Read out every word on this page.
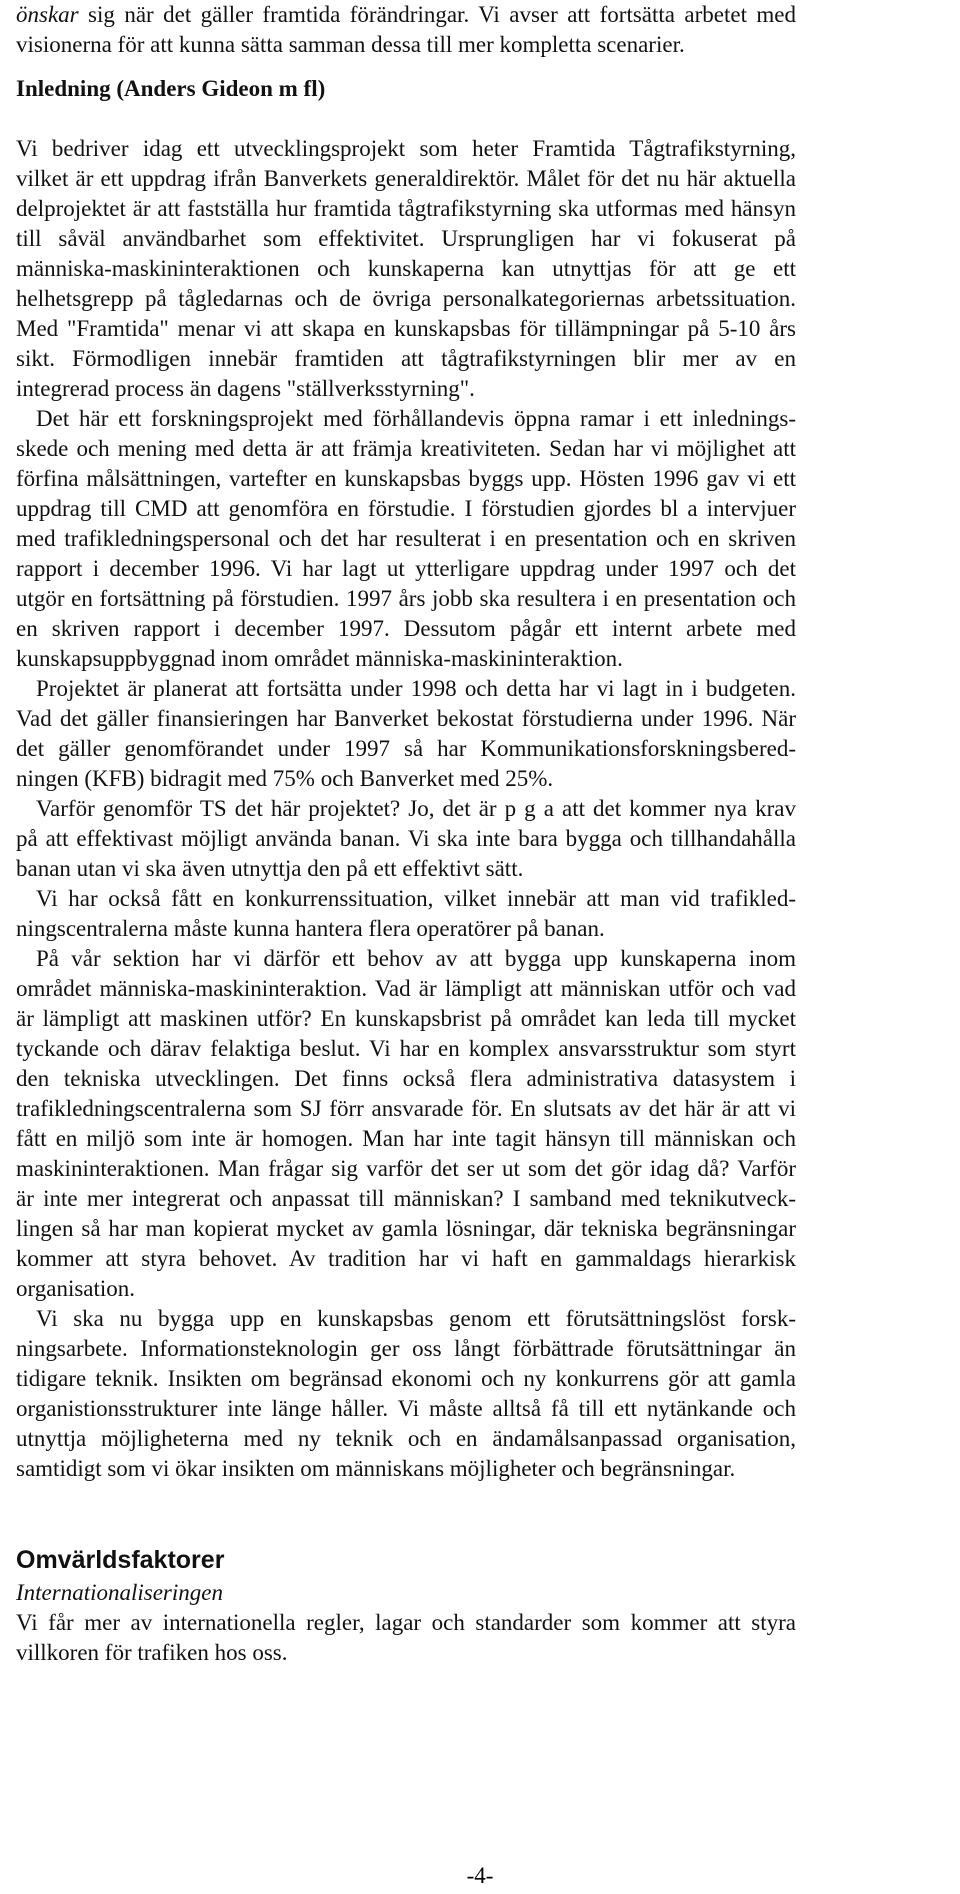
önskar sig när det gäller framtida förändringar. Vi avser att fortsätta arbetet med
visionerna för att kunna sätta samman dessa till mer kompletta scenarier.
Inledning (Anders Gideon m fl)
Vi bedriver idag ett utvecklingsprojekt som heter Framtida Tågtrafikstyrning,
vilket är ett uppdrag ifrån Banverkets generaldirektör. Målet för det nu här aktuella
delprojektet är att fastställa hur framtida tågtrafikstyrning ska utformas med hänsyn
till såväl användbarhet som effektivitet. Ursprungligen har vi fokuserat på
människa-maskininteraktionen och kunskaperna kan utnyttjas för att ge ett
helhetsgrepp på tågledarnas och de övriga personalkategoriernas arbetssituation.
Med "Framtida" menar vi att skapa en kunskapsbas för tillämpningar på 5-10 års
sikt. Förmodligen innebär framtiden att tågtrafikstyrningen blir mer av en
integrerad process än dagens "ställverksstyrning".
Det här ett forskningsprojekt med förhållandevis öppna ramar i ett inlednings-
skede och mening med detta är att främja kreativiteten. Sedan har vi möjlighet att
förfina målsättningen, vartefter en kunskapsbas byggs upp. Hösten 1996 gav vi ett
uppdrag till CMD att genomföra en förstudie. I förstudien gjordes bl a intervjuer
med trafikledningspersonal och det har resulterat i en presentation och en skriven
rapport i december 1996. Vi har lagt ut ytterligare uppdrag under 1997 och det
utgör en fortsättning på förstudien. 1997 års jobb ska resultera i en presentation och
en skriven rapport i december 1997. Dessutom pågår ett internt arbete med
kunskapsuppbyggnad inom området människa-maskininteraktion.
Projektet är planerat att fortsätta under 1998 och detta har vi lagt in i budgeten.
Vad det gäller finansieringen har Banverket bekostat förstudierna under 1996. När
det gäller genomförandet under 1997 så har Kommunikationsforskningsbered-
ningen (KFB) bidragit med 75% och Banverket med 25%.
Varför genomför TS det här projektet? Jo, det är p g a att det kommer nya krav
på att effektivast möjligt använda banan. Vi ska inte bara bygga och tillhandahålla
banan utan vi ska även utnyttja den på ett effektivt sätt.
Vi har också fått en konkurrenssituation, vilket innebär att man vid trafikled-
ningscentralerna måste kunna hantera flera operatörer på banan.
På vår sektion har vi därför ett behov av att bygga upp kunskaperna inom
området människa-maskininteraktion. Vad är lämpligt att människan utför och vad
är lämpligt att maskinen utför? En kunskapsbrist på området kan leda till mycket
tyckande och därav felaktiga beslut. Vi har en komplex ansvarsstruktur som styrt
den tekniska utvecklingen. Det finns också flera administrativa datasystem i
trafikledningscentralerna som SJ förr ansvarade för. En slutsats av det här är att vi
fått en miljö som inte är homogen. Man har inte tagit hänsyn till människan och
maskininteraktionen. Man frågar sig varför det ser ut som det gör idag då? Varför
är inte mer integrerat och anpassat till människan? I samband med teknikutveck-
lingen så har man kopierat mycket av gamla lösningar, där tekniska begränsningar
kommer att styra behovet. Av tradition har vi haft en gammaldags hierarkisk
organisation.
Vi ska nu bygga upp en kunskapsbas genom ett förutsättningslöst forsk-
ningsarbete. Informationsteknologin ger oss långt förbättrade förutsättningar än
tidigare teknik. Insikten om begränsad ekonomi och ny konkurrens gör att gamla
organistionsstrukturer inte länge håller. Vi måste alltså få till ett nytänkande och
utnyttja möjligheterna med ny teknik och en ändamålsanpassad organisation,
samtidigt som vi ökar insikten om människans möjligheter och begränsningar.
Omvärldsfaktorer
Internationaliseringen
Vi får mer av internationella regler, lagar och standarder som kommer att styra
villkoren för trafiken hos oss.
-4-
